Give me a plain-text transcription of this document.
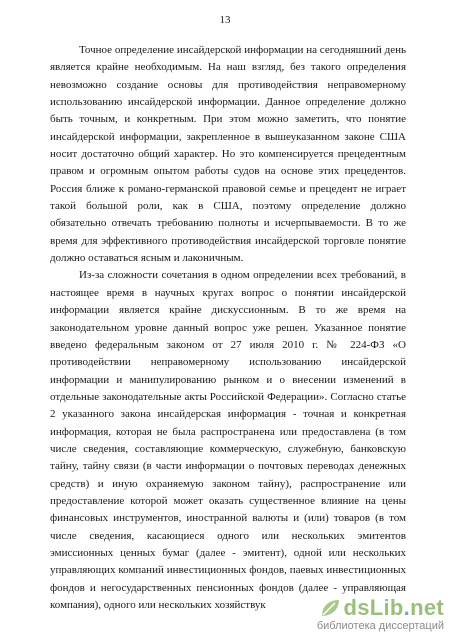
13

Точное определение инсайдерской информации на сегодняшний день является крайне необходимым. На наш взгляд, без такого определения невозможно создание основы для противодействия неправомерному использованию инсайдерской информации. Данное определение должно быть точным, и конкретным. При этом можно заметить, что понятие инсайдерской информации, закрепленное в вышеуказанном законе США носит достаточно общий характер. Но это компенсируется прецедентным правом и огромным опытом работы судов на основе этих прецедентов. Россия ближе к романо-германской правовой семье и прецедент не играет такой большой роли, как в США, поэтому определение должно обязательно отвечать требованию полноты и исчерпываемости. В то же время для эффективного противодействия инсайдерской торговле понятие должно оставаться ясным и лаконичным.

Из-за сложности сочетания в одном определении всех требований, в настоящее время в научных кругах вопрос о понятии инсайдерской информации является крайне дискуссионным. В то же время на законодательном уровне данный вопрос уже решен. Указанное понятие введено федеральным законом от 27 июля 2010 г. № 224-ФЗ «О противодействии неправомерному использованию инсайдерской информации и манипулированию рынком и о внесении изменений в отдельные законодательные акты Российской Федерации». Согласно статье 2 указанного закона инсайдерская информация - точная и конкретная информация, которая не была распространена или предоставлена (в том числе сведения, составляющие коммерческую, служебную, банковскую тайну, тайну связи (в части информации о почтовых переводах денежных средств) и иную охраняемую законом тайну), распространение или предоставление которой может оказать существенное влияние на цены финансовых инструментов, иностранной валюты и (или) товаров (в том числе сведения, касающиеся одного или нескольких эмитентов эмиссионных ценных бумаг (далее - эмитент), одной или нескольких управляющих компаний инвестиционных фондов, паевых инвестиционных фондов и негосударственных пенсионных фондов (далее - управляющая компания), одного или нескольких хозяйствук	dsLib . net
библиотека диссертаций
